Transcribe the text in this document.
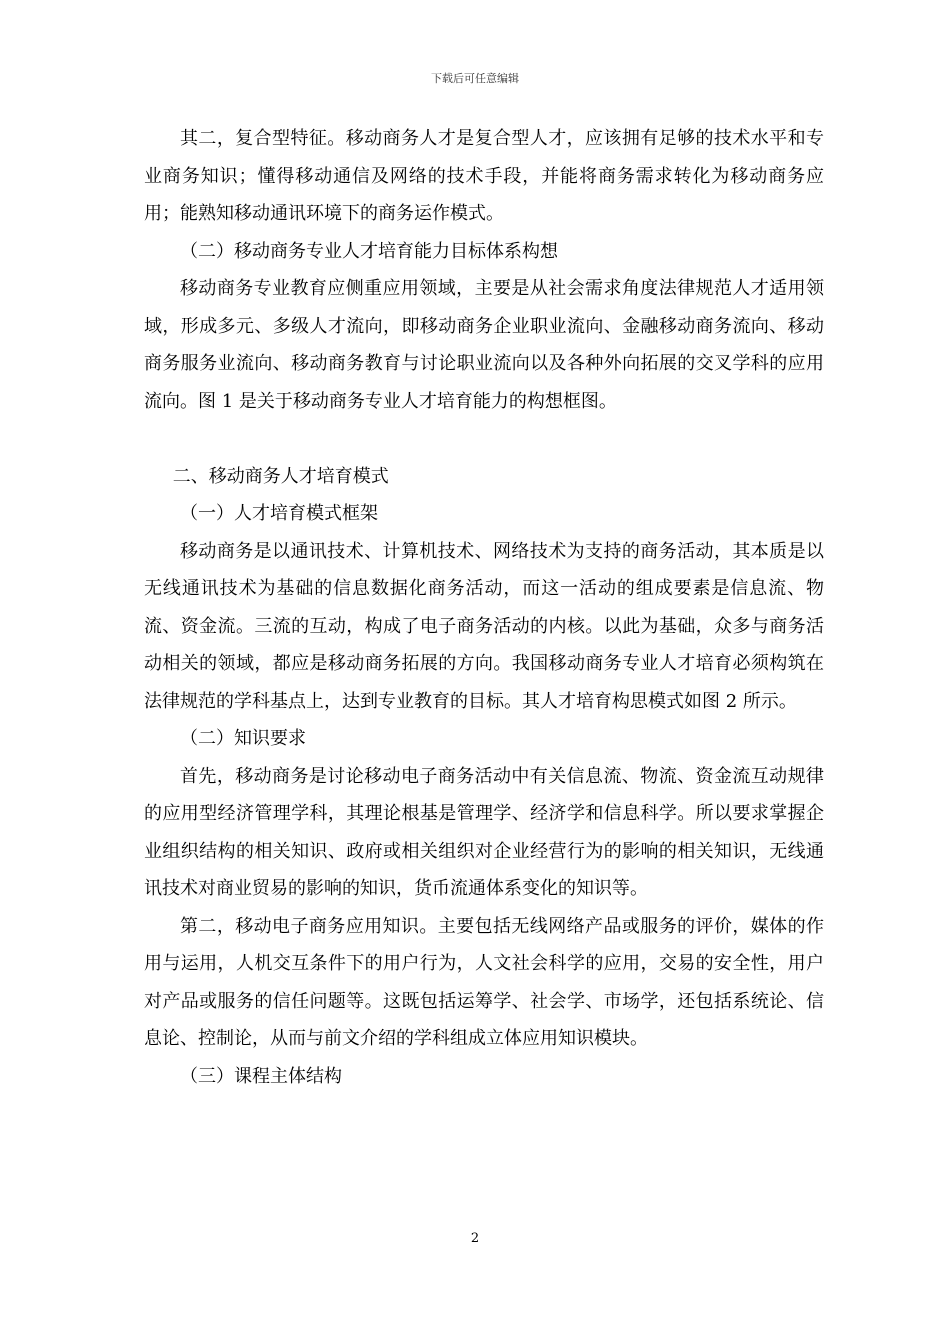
下载后可任意编辑

其二，复合型特征。移动商务人才是复合型人才，应该拥有足够的技术水平和专业商务知识；懂得移动通信及网络的技术手段，并能将商务需求转化为移动商务应用；能熟知移动通讯环境下的商务运作模式。

（二）移动商务专业人才培育能力目标体系构想

移动商务专业教育应侧重应用领域，主要是从社会需求角度法律规范人才适用领域，形成多元、多级人才流向，即移动商务企业职业流向、金融移动商务流向、移动商务服务业流向、移动商务教育与讨论职业流向以及各种外向拓展的交叉学科的应用流向。图 1 是关于移动商务专业人才培育能力的构想框图。

二、移动商务人才培育模式

（一）人才培育模式框架

移动商务是以通讯技术、计算机技术、网络技术为支持的商务活动，其本质是以无线通讯技术为基础的信息数据化商务活动，而这一活动的组成要素是信息流、物流、资金流。三流的互动，构成了电子商务活动的内核。以此为基础，众多与商务活动相关的领域，都应是移动商务拓展的方向。我国移动商务专业人才培育必须构筑在法律规范的学科基点上，达到专业教育的目标。其人才培育构思模式如图 2 所示。

（二）知识要求

首先，移动商务是讨论移动电子商务活动中有关信息流、物流、资金流互动规律的应用型经济管理学科，其理论根基是管理学、经济学和信息科学。所以要求掌握企业组织结构的相关知识、政府或相关组织对企业经营行为的影响的相关知识，无线通讯技术对商业贸易的影响的知识，货币流通体系变化的知识等。

第二，移动电子商务应用知识。主要包括无线网络产品或服务的评价，媒体的作用与运用，人机交互条件下的用户行为，人文社会科学的应用，交易的安全性，用户对产品或服务的信任问题等。这既包括运筹学、社会学、市场学，还包括系统论、信息论、控制论，从而与前文介绍的学科组成立体应用知识模块。

（三）课程主体结构

2
